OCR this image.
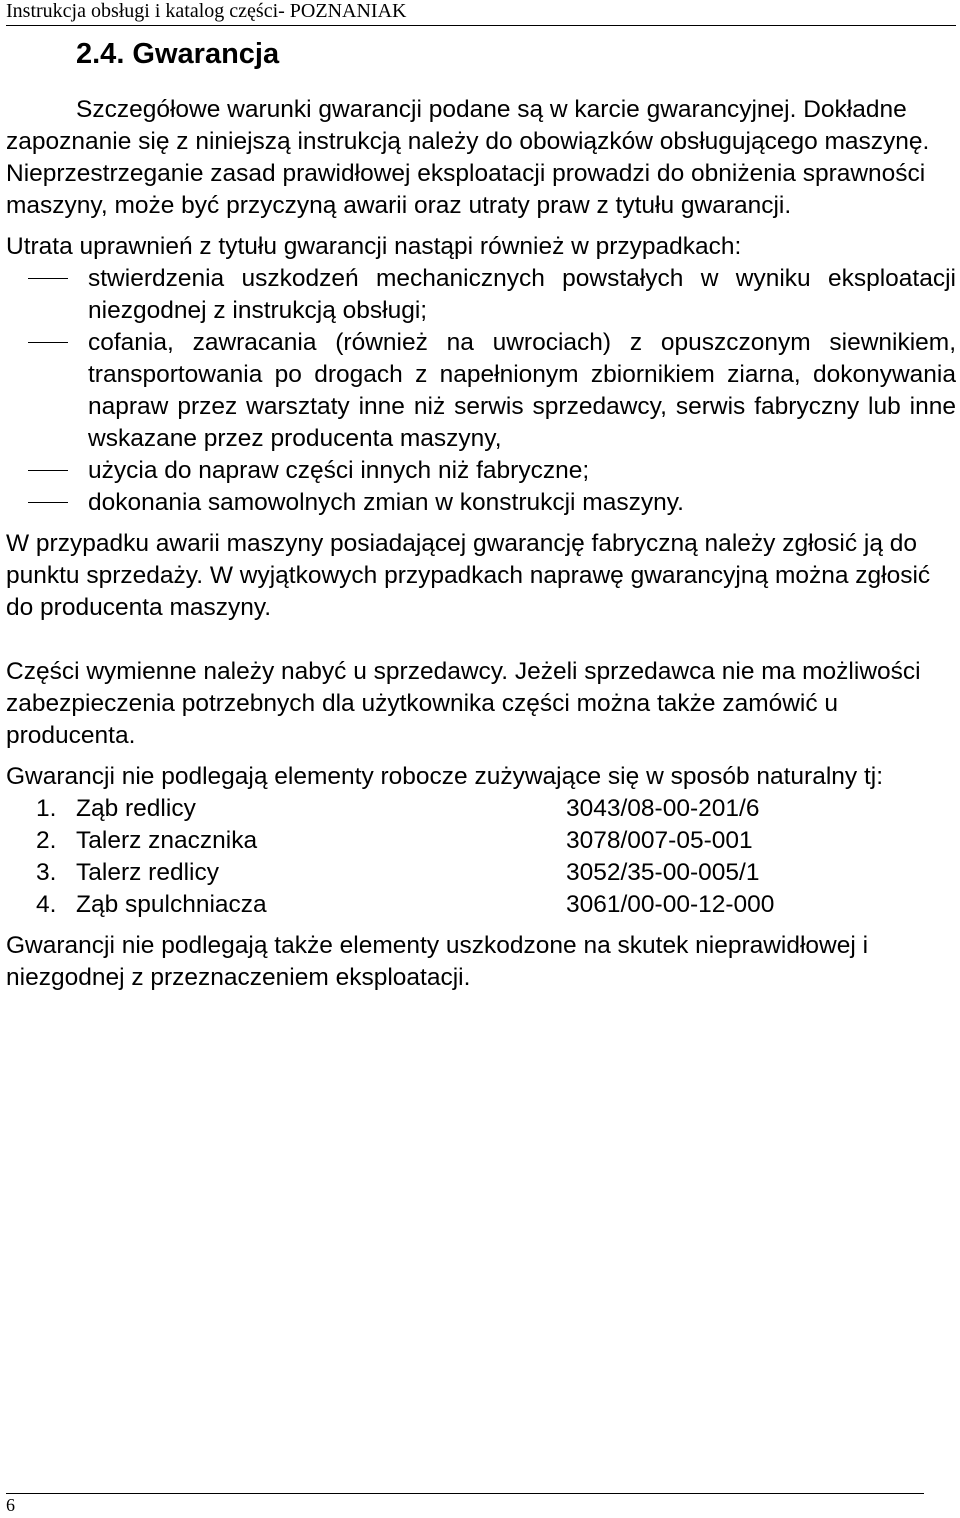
Instrukcja obsługi i katalog części- POZNANIAK
2.4. Gwarancja

Szczegółowe warunki gwarancji podane są w karcie gwarancyjnej. Dokładne zapoznanie się z niniejszą instrukcją należy do obowiązków obsługującego maszynę. Nieprzestrzeganie zasad prawidłowej eksploatacji prowadzi do obniżenia sprawności maszyny, może być przyczyną awarii oraz utraty praw z tytułu gwarancji.

Utrata uprawnień z tytułu gwarancji nastąpi również w przypadkach:

stwierdzenia uszkodzeń mechanicznych powstałych w wyniku eksploatacji niezgodnej z instrukcją obsługi;
cofania, zawracania (również na uwrociach) z opuszczonym siewnikiem, transportowania po drogach z napełnionym zbiornikiem ziarna, dokonywania napraw przez warsztaty inne niż serwis sprzedawcy, serwis fabryczny lub inne wskazane przez producenta maszyny,
użycia do napraw części innych niż fabryczne;
dokonania samowolnych zmian w konstrukcji maszyny.

W przypadku awarii maszyny posiadającej gwarancję fabryczną należy zgłosić ją do punktu sprzedaży. W wyjątkowych przypadkach naprawę gwarancyjną można zgłosić do producenta maszyny.

Części wymienne należy nabyć u sprzedawcy. Jeżeli sprzedawca nie ma możliwości zabezpieczenia potrzebnych dla użytkownika części można także zamówić u producenta.

Gwarancji nie podlegają elementy robocze zużywające się w sposób naturalny tj:

1. Ząb redlicy	3043/08-00-201/6
2. Talerz znacznika	3078/007-05-001
3. Talerz redlicy	3052/35-00-005/1
4. Ząb spulchniacza	3061/00-00-12-000

Gwarancji nie podlegają także elementy uszkodzone na skutek nieprawidłowej i niezgodnej z przeznaczeniem eksploatacji.

6
